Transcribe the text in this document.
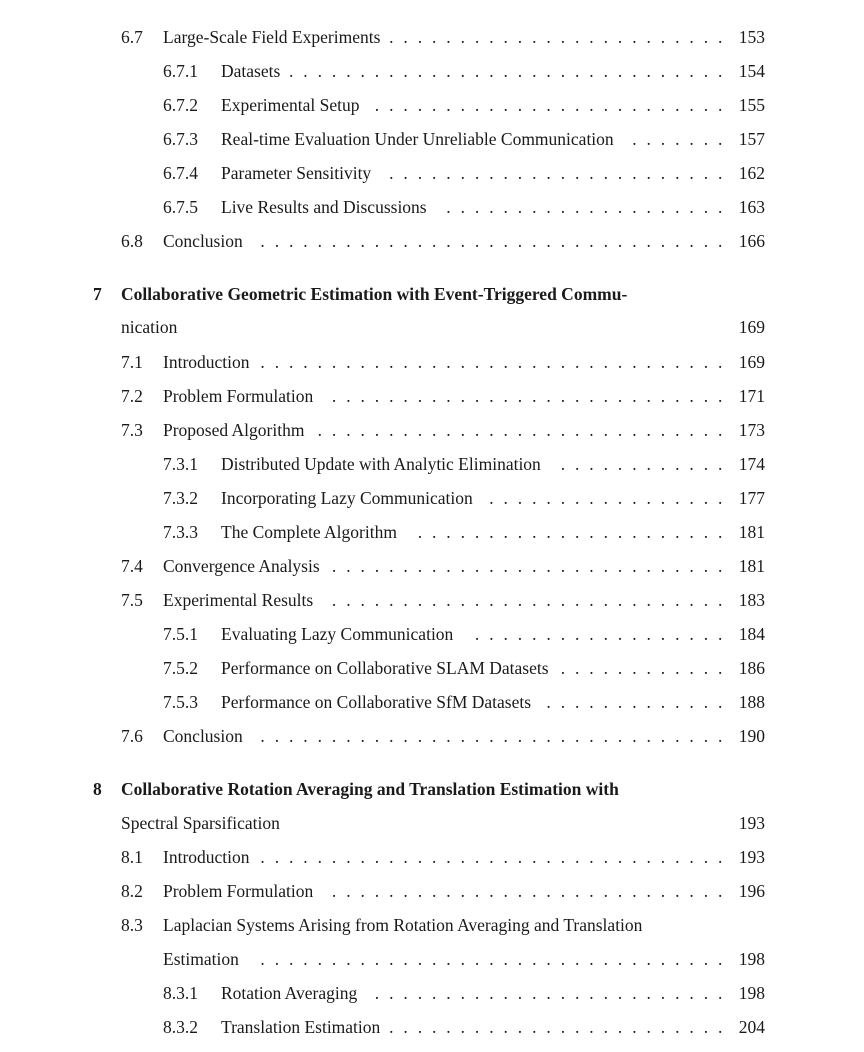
6.7 Large-Scale Field Experiments	153
. . . . . . . . . . . . . . . . . . . . . . . .
6.7.1 Datasets	154
. . . . . . . . . . . . . . . . . . . . . . . . . . . . . . .
6.7.2 Experimental Setup	155
. . . . . . . . . . . . . . . . . . . . . . . . .
6.7.3 Real-time Evaluation Under Unreliable Communication	157
. . . . . . .
6.7.4 Parameter Sensitivity	162
. . . . . . . . . . . . . . . . . . . . . . . .
6.7.5 Live Results and Discussions	163
. . . . . . . . . . . . . . . . . . . .
6.8 Conclusion	166
. . . . . . . . . . . . . . . . . . . . . . . . . . . . . . . . .
7 Collaborative Geometric Estimation with Event-Triggered Commu-
nication	169
7.1 Introduction	169
. . . . . . . . . . . . . . . . . . . . . . . . . . . . . . . . .
7.2 Problem Formulation	171
. . . . . . . . . . . . . . . . . . . . . . . . . . . .
7.3 Proposed Algorithm	173
. . . . . . . . . . . . . . . . . . . . . . . . . . . . .
7.3.1 Distributed Update with Analytic Elimination	174
. . . . . . . . . . . .
7.3.2 Incorporating Lazy Communication	177
. . . . . . . . . . . . . . . . .
7.3.3 The Complete Algorithm	181
. . . . . . . . . . . . . . . . . . . . . .
7.4 Convergence Analysis	181
. . . . . . . . . . . . . . . . . . . . . . . . . . . .
7.5 Experimental Results	183
. . . . . . . . . . . . . . . . . . . . . . . . . . . .
7.5.1 Evaluating Lazy Communication	184
. . . . . . . . . . . . . . . . . .
7.5.2 Performance on Collaborative SLAM Datasets	186
. . . . . . . . . . . .
7.5.3 Performance on Collaborative SfM Datasets	188
. . . . . . . . . . . . .
7.6 Conclusion	190
. . . . . . . . . . . . . . . . . . . . . . . . . . . . . . . . .
8 Collaborative Rotation Averaging and Translation Estimation with
Spectral Sparsification	193
8.1 Introduction	193
. . . . . . . . . . . . . . . . . . . . . . . . . . . . . . . . .
8.2 Problem Formulation	196
. . . . . . . . . . . . . . . . . . . . . . . . . . . .
8.3 Laplacian Systems Arising from Rotation Averaging and Translation
Estimation	198
. . . . . . . . . . . . . . . . . . . . . . . . . . . . . . . . .
8.3.1 Rotation Averaging	198
. . . . . . . . . . . . . . . . . . . . . . . . .
8.3.2 Translation Estimation	204
. . . . . . . . . . . . . . . . . . . . . . . .
